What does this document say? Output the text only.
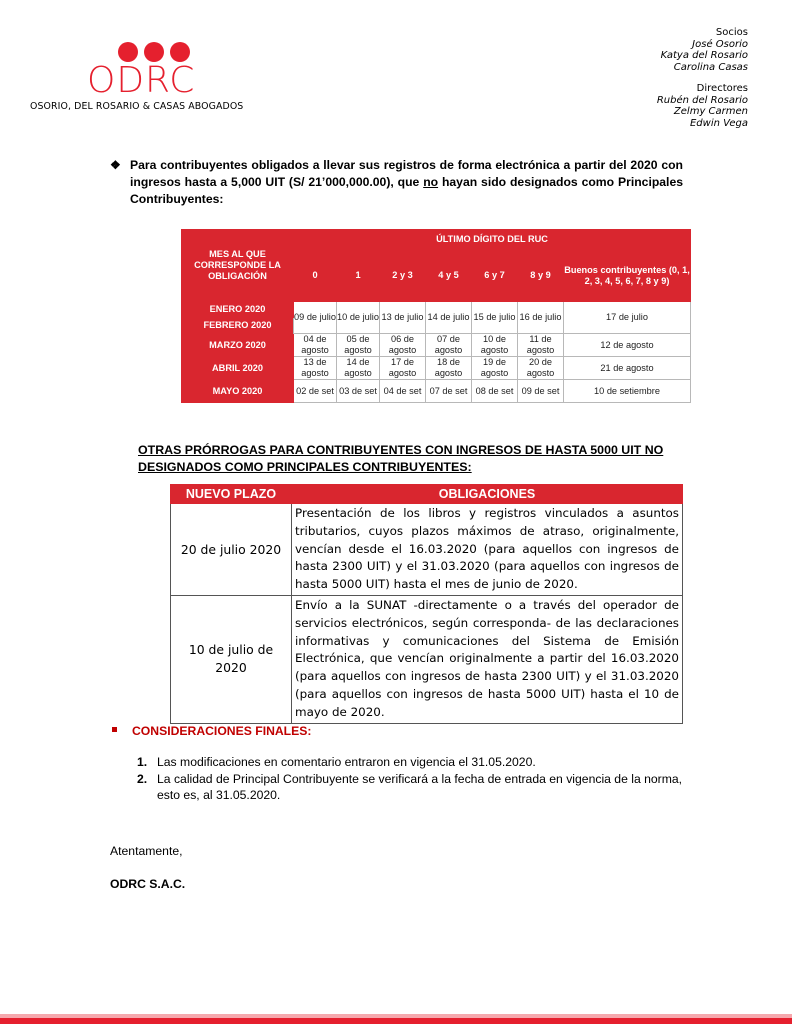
ODRC
OSORIO, DEL ROSARIO & CASAS ABOGADOS
Socios
José Osorio
Katya del Rosario
Carolina Casas
Directores
Rubén del Rosario
Zelmy Carmen
Edwin Vega
❖ Para contribuyentes obligados a llevar sus registros de forma electrónica a partir del 2020 con ingresos hasta a 5,000 UIT (S/ 21’000,000.00), que no hayan sido designados como Principales Contribuyentes:
MES AL QUE CORRESPONDE LA OBLIGACIÓN	ÚLTIMO DÍGITO DEL RUC						
	0	1	2 y 3	4 y 5	6 y 7	8 y 9	Buenos contribuyentes (0, 1, 2, 3, 4, 5, 6, 7, 8 y 9)
ENERO 2020	09 de julio	10 de julio	13 de julio	14 de julio	15 de julio	16 de julio	17 de julio
FEBRERO 2020							
MARZO 2020	04 de agosto	05 de agosto	06 de agosto	07 de agosto	10 de agosto	11 de agosto	12 de agosto
ABRIL 2020	13 de agosto	14 de agosto	17 de agosto	18 de agosto	19 de agosto	20 de agosto	21 de agosto
MAYO 2020	02 de set	03 de set	04 de set	07 de set	08 de set	09 de set	10 de setiembre
OTRAS PRÓRROGAS PARA CONTRIBUYENTES CON INGRESOS DE HASTA 5000 UIT NO DESIGNADOS COMO PRINCIPALES CONTRIBUYENTES:
NUEVO PLAZO	OBLIGACIONES
20 de julio 2020	Presentación de los libros y registros vinculados a asuntos tributarios, cuyos plazos máximos de atraso, originalmente, vencían desde el 16.03.2020 (para aquellos con ingresos de hasta 2300 UIT) y el 31.03.2020 (para aquellos con ingresos de hasta 5000 UIT) hasta el mes de junio de 2020.
10 de julio de 2020	Envío a la SUNAT -directamente o a través del operador de servicios electrónicos, según corresponda- de las declaraciones informativas y comunicaciones del Sistema de Emisión Electrónica, que vencían originalmente a partir del 16.03.2020 (para aquellos con ingresos de hasta 2300 UIT) y el 31.03.2020 (para aquellos con ingresos de hasta 5000 UIT) hasta el 10 de mayo de 2020.
CONSIDERACIONES FINALES:
1. Las modificaciones en comentario entraron en vigencia el 31.05.2020.
2. La calidad de Principal Contribuyente se verificará a la fecha de entrada en vigencia de la norma, esto es, al 31.05.2020.
Atentamente,
ODRC S.A.C.
